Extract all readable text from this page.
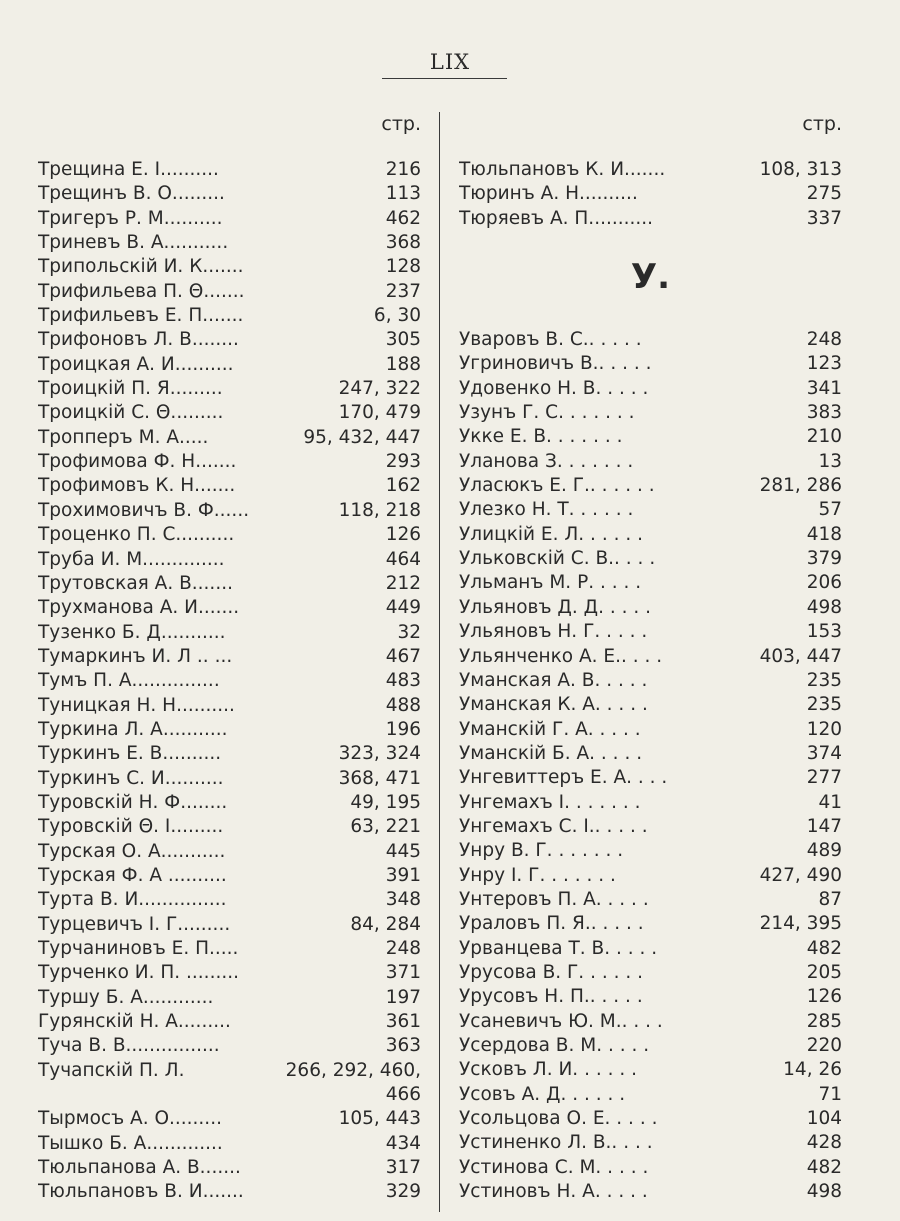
LIX
стр.
Трещина Е. I..........	216
Трещинъ В. О.........	113
Тригеръ Р. М..........	462
Триневъ В. А...........	368
Трипольскiй И. К.......	128
Трифильева П. Θ.......	237
Трифильевъ Е. П.......	6, 30
Трифоновъ Л. В........	305
Троицкая А. И..........	188
Троицкiй П. Я.........	247, 322
Троицкiй С. Θ.........	170, 479
Тропперъ М. А.....	95, 432, 447
Трофимова Ф. Н.......	293
Трофимовъ К. Н.......	162
Трохимовичъ В. Ф......	118, 218
Троценко П. С..........	126
Труба И. М..............	464
Трутовская А. В.......	212
Трухманова А. И.......	449
Тузенко Б. Д...........	32
Тумаркинъ И. Л .. ...	467
Тумъ П. А...............	483
Туницкая Н. Н..........	488
Туркина Л. А...........	196
Туркинъ Е. В..........	323, 324
Туркинъ С. И..........	368, 471
Туровскiй Н. Ф........	49, 195
Туровскiй Θ. I.........	63, 221
Турская О. А...........	445
Турская Ф. А ..........	391
Турта В. И...............	348
Турцевичъ I. Г.........	84, 284
Турчаниновъ Е. П.....	248
Турченко И. П. .........	371
Туршу Б. А............	197
Гурянскiй Н. А.........	361
Туча В. В................	363
Тучапскiй П. Л.	266, 292, 460,
466
Тырмосъ А. О.........	105, 443
Тышко Б. А.............	434
Тюльпанова А. В.......	317
Тюльпановъ В. И.......	329
стр.
Тюльпановъ К. И.......	108, 313
Тюринъ А. Н..........	275
Тюряевъ А. П...........	337
У.
Уваровъ В. С.. . . . .	248
Угриновичъ В.. . . . .	123
Удовенко Н. В. . . . .	341
Узунъ Г. С. . . . . . .	383
Укке Е. В. . . . . . .	210
Уланова З. . . . . . .	13
Уласюкъ Е. Г.. . . . . .	281, 286
Улезко Н. Т. . . . . .	57
Улицкiй Е. Л. . . . . .	418
Ульковскiй С. В.. . . .	379
Ульманъ М. Р. . . . .	206
Ульяновъ Д. Д. . . . .	498
Ульяновъ Н. Г. . . . .	153
Ульянченко А. Е.. . . .	403, 447
Уманская А. В. . . . .	235
Уманская К. А. . . . .	235
Уманскiй Г. А. . . . .	120
Уманскiй Б. А. . . . .	374
Унгевиттеръ Е. А. . . .	277
Унгемахъ I. . . . . . .	41
Унгемахъ С. I.. . . . .	147
Унру В. Г. . . . . . .	489
Унру I. Г. . . . . . .	427, 490
Унтеровъ П. А. . . . .	87
Ураловъ П. Я.. . . . .	214, 395
Урванцева Т. В. . . . .	482
Урусова В. Г. . . . . .	205
Урусовъ Н. П.. . . . .	126
Усаневичъ Ю. М.. . . .	285
Усердова В. М. . . . .	220
Усковъ Л. И. . . . . .	14, 26
Усовъ А. Д. . . . . .	71
Усольцова О. Е. . . . .	104
Устиненко Л. В.. . . .	428
Устинова С. М. . . . .	482
Устиновъ Н. А. . . . .	498
